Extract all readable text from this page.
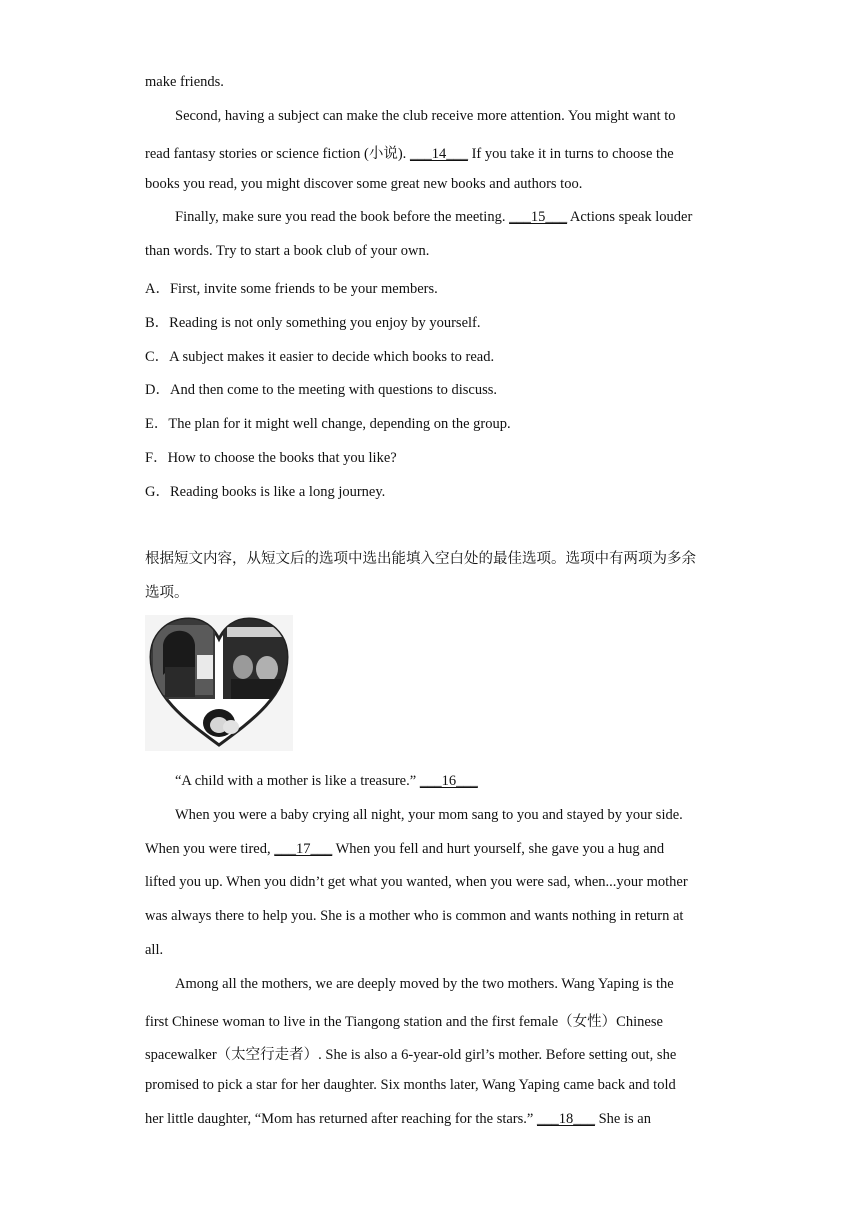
make friends.
Second, having a subject can make the club receive more attention. You might want to
read fantasy stories or science fiction (小说). ___14___ If you take it in turns to choose the
books you read, you might discover some great new books and authors too.
Finally, make sure you read the book before the meeting. ___15___ Actions speak louder
than words. Try to start a book club of your own.
A．First, invite some friends to be your members.
B．Reading is not only something you enjoy by yourself.
C．A subject makes it easier to decide which books to read.
D．And then come to the meeting with questions to discuss.
E．The plan for it might well change, depending on the group.
F．How to choose the books that you like?
G．Reading books is like a long journey.
根据短文内容，从短文后的选项中选出能填入空白处的最佳选项。选项中有两项为多余
选项。
“A child with a mother is like a treasure.” ___16___
When you were a baby crying all night, your mom sang to you and stayed by your side.
When you were tired, ___17___ When you fell and hurt yourself, she gave you a hug and
lifted you up. When you didn’t get what you wanted, when you were sad, when...your mother
was always there to help you. She is a mother who is common and wants nothing in return at
all.
Among all the mothers, we are deeply moved by the two mothers. Wang Yaping is the
first Chinese woman to live in the Tiangong station and the first female（女性）Chinese
spacewalker（太空行走者）. She is also a 6-year-old girl’s mother. Before setting out, she
promised to pick a star for her daughter. Six months later, Wang Yaping came back and told
her little daughter, “Mom has returned after reaching for the stars.” ___18___ She is an
